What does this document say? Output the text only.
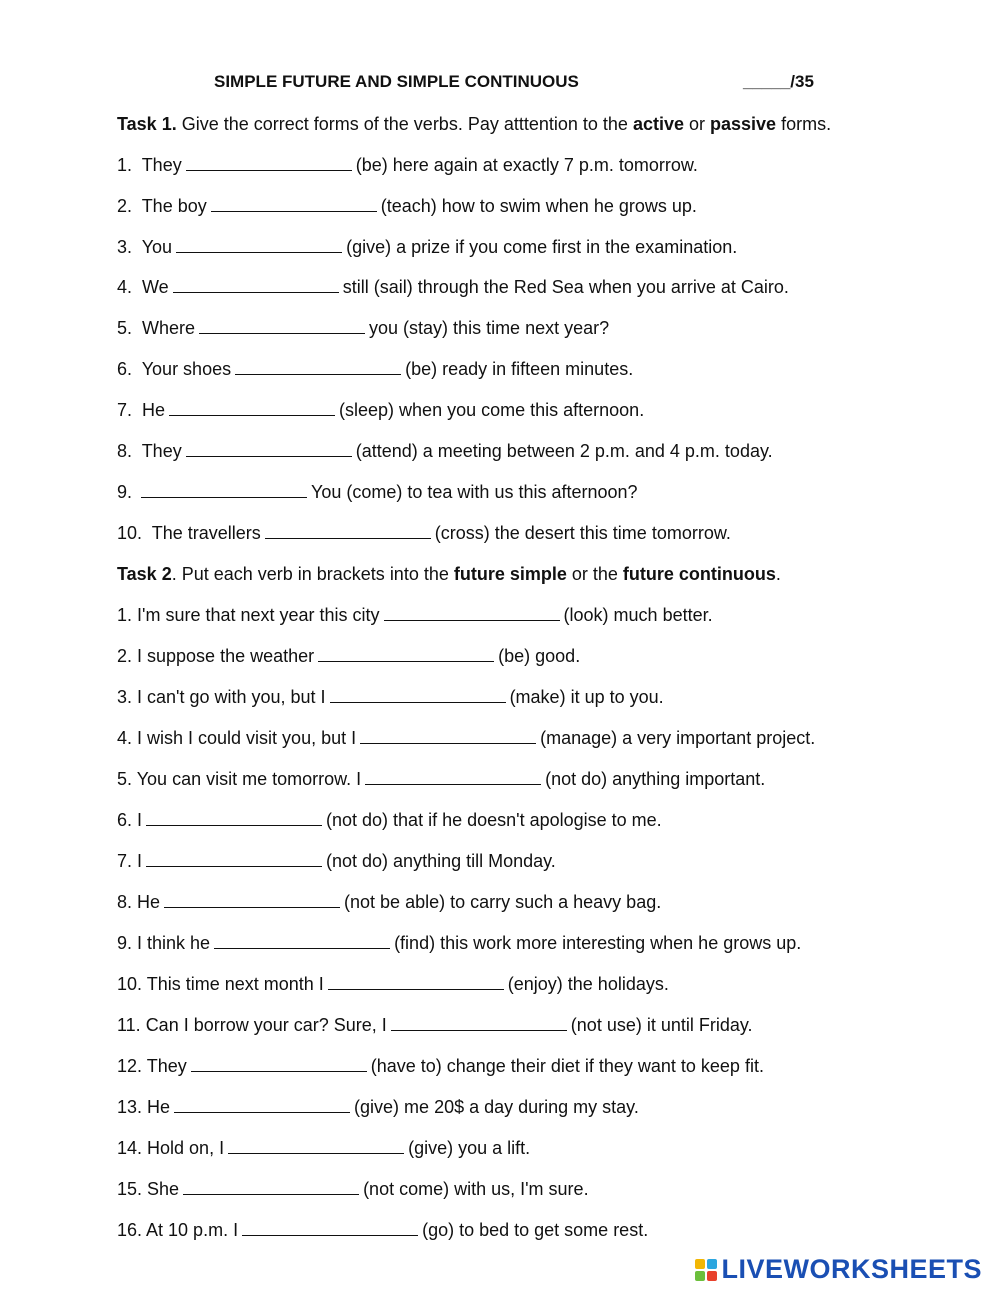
SIMPLE FUTURE AND SIMPLE CONTINUOUS	_____/35
Task 1. Give the correct forms of the verbs. Pay atttention to the active or passive forms.
1.  They	(be) here again at exactly 7 p.m. tomorrow.
2.  The boy	(teach) how to swim when he grows up.
3.  You	(give) a prize if you come first in the examination.
4.  We	still (sail) through the Red Sea when you arrive at Cairo.
5.  Where	you (stay) this time next year?
6.  Your shoes	(be) ready in fifteen minutes.
7.  He	(sleep) when you come this afternoon.
8.  They	(attend) a meeting between 2 p.m. and 4 p.m. today.
9.	You (come) to tea with us this afternoon?
10.  The travellers	(cross) the desert this time tomorrow.
Task 2. Put each verb in brackets into the future simple or the future continuous.
1. I'm sure that next year this city	(look) much better.
2. I suppose the weather	(be) good.
3. I can't go with you, but I	(make) it up to you.
4. I wish I could visit you, but I	(manage) a very important project.
5. You can visit me tomorrow. I	(not do) anything important.
6. I	(not do) that if he doesn't apologise to me.
7. I	(not do) anything till Monday.
8. He	(not be able) to carry such a heavy bag.
9. I think he	(find) this work more interesting when he grows up.
10. This time next month I	(enjoy) the holidays.
11. Can I borrow your car? Sure, I	(not use) it until Friday.
12. They	(have to) change their diet if they want to keep fit.
13. He	(give) me 20$ a day during my stay.
14. Hold on, I	(give) you a lift.
15. She	(not come) with us, I'm sure.
16. At 10 p.m. I	(go) to bed to get some rest.
LIVEWORKSHEETS
